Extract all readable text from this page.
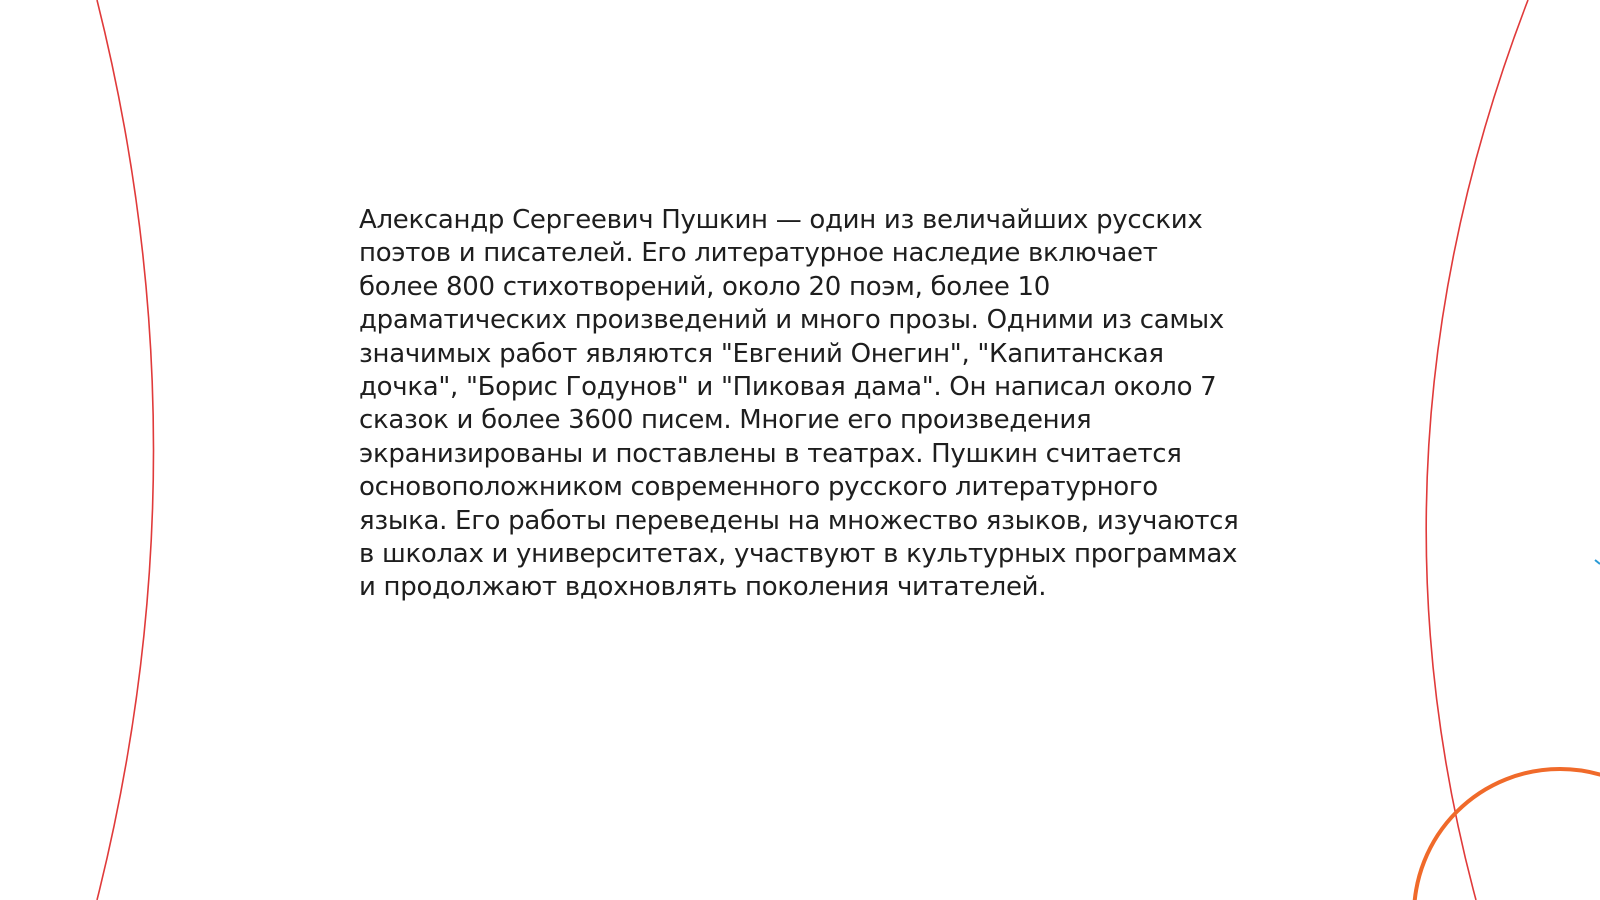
Александр Сергеевич Пушкин — один из величайших русских поэтов и писателей. Его литературное наследие включает более 800 стихотворений, около 20 поэм, более 10 драматических произведений и много прозы. Одними из самых значимых работ являются "Евгений Онегин", "Капитанская дочка", "Борис Годунов" и "Пиковая дама". Он написал около 7 сказок и более 3600 писем. Многие его произведения экранизированы и поставлены в театрах. Пушкин считается основоположником современного русского литературного языка. Его работы переведены на множество языков, изучаются в школах и университетах, участвуют в культурных программах и продолжают вдохновлять поколения читателей.
